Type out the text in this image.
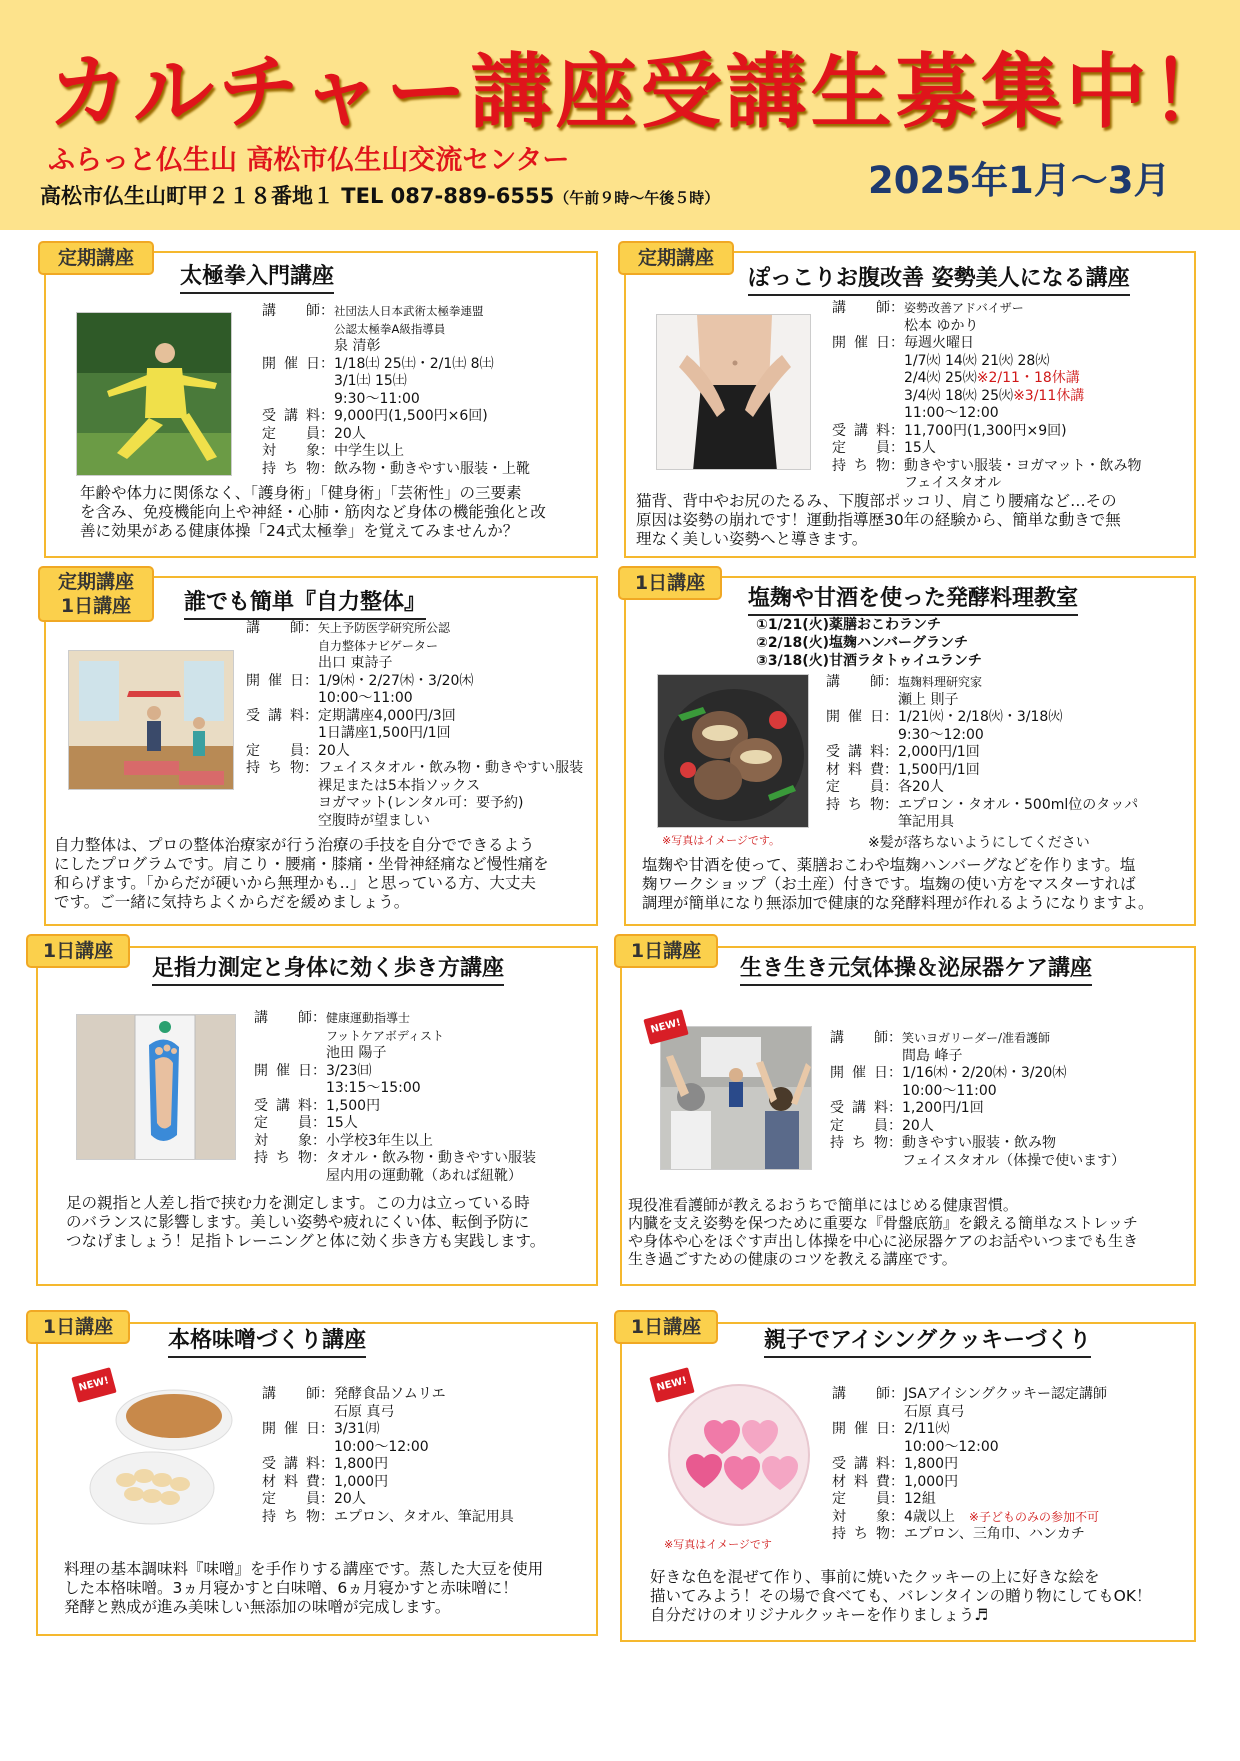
カルチャー講座受講生募集中！
ふらっと仏生山 高松市仏生山交流センター
高松市仏生山町甲２１８番地１ TEL 087-889-6555（午前９時～午後５時）	2025年1月～3月
定期講座
太極拳入門講座
講 師 ： 社団法人日本武術太極拳連盟
公認太極拳A級指導員
泉 清彰
開催日 ： 1/18㈯ 25㈯・2/1㈯ 8㈯
3/1㈯ 15㈯
9:30～11:00
受講料 ： 9,000円(1,500円×6回)
定 員 ： 20人
対 象 ： 中学生以上
持ち物 ： 飲み物・動きやすい服装・上靴
年齢や体力に関係なく、「護身術」「健身術」「芸術性」の三要素
を含み、免疫機能向上や神経・心肺・筋肉など身体の機能強化と改
善に効果がある健康体操「24式太極拳」を覚えてみませんか？
定期講座
ぽっこりお腹改善 姿勢美人になる講座
講 師 ： 姿勢改善アドバイザー
松本 ゆかり
開催日 ： 毎週火曜日
1/7㈫ 14㈫ 21㈫ 28㈫
2/4㈫ 25㈫※2/11・18休講
3/4㈫ 18㈫ 25㈫※3/11休講
11:00～12:00
受講料 ： 11,700円(1,300円×9回)
定 員 ： 15人
持ち物 ： 動きやすい服装・ヨガマット・飲み物
フェイスタオル
猫背、背中やお尻のたるみ、下腹部ポッコリ、肩こり腰痛など…その
原因は姿勢の崩れです！運動指導歴30年の経験から、簡単な動きで無
理なく美しい姿勢へと導きます。
定期講座
1日講座	誰でも簡単『自力整体』
講 師 ： 矢上予防医学研究所公認
自力整体ナビゲーター
出口 東詩子
開催日 ： 1/9㈭・2/27㈭・3/20㈭
10:00～11:00
受講料 ： 定期講座4,000円/3回
1日講座1,500円/1回
定 員 ： 20人
持ち物 ： フェイスタオル・飲み物・動きやすい服装
裸足または5本指ソックス
ヨガマット(レンタル可：要予約)
空腹時が望ましい
自力整体は、プロの整体治療家が行う治療の手技を自分でできるよう
にしたプログラムです。肩こり・腰痛・膝痛・坐骨神経痛など慢性痛を
和らげます。「からだが硬いから無理かも‥」と思っている方、大丈夫
です。ご一緒に気持ちよくからだを緩めましょう。
1日講座
塩麹や甘酒を使った発酵料理教室
①1/21(火)薬膳おこわランチ
②2/18(火)塩麹ハンバーグランチ
③3/18(火)甘酒ラタトゥイユランチ
※写真はイメージです。
講 師 ： 塩麹料理研究家
瀬上 則子
開催日 ： 1/21㈫・2/18㈫・3/18㈫
9:30～12:00
受講料 ： 2,000円/1回
材料費 ： 1,500円/1回
定 員 ： 各20人
持ち物 ： エプロン・タオル・500ml位のタッパ
筆記用具
※髪が落ちないようにしてください
塩麹や甘酒を使って、薬膳おこわや塩麹ハンバーグなどを作ります。塩
麹ワークショップ（お土産）付きです。塩麹の使い方をマスターすれば
調理が簡単になり無添加で健康的な発酵料理が作れるようになりますよ。
1日講座
足指力測定と身体に効く歩き方講座
講 師 ： 健康運動指導士
フットケアボディスト
池田 陽子
開催日 ： 3/23㈰
13:15～15:00
受講料 ： 1,500円
定 員 ： 15人
対 象 ： 小学校3年生以上
持ち物 ： タオル・飲み物・動きやすい服装
屋内用の運動靴（あれば紐靴）
足の親指と人差し指で挟む力を測定します。この力は立っている時
のバランスに影響します。美しい姿勢や疲れにくい体、転倒予防に
つなげましょう！足指トレーニングと体に効く歩き方も実践します。
1日講座
生き生き元気体操＆泌尿器ケア講座
NEW!
講 師 ： 笑いヨガリーダー/准看護師
間島 峰子
開催日 ： 1/16㈭・2/20㈭・3/20㈭
10:00～11:00
受講料 ： 1,200円/1回
定 員 ： 20人
持ち物 ： 動きやすい服装・飲み物
フェイスタオル（体操で使います）
現役准看護師が教えるおうちで簡単にはじめる健康習慣。
内臓を支え姿勢を保つために重要な『骨盤底筋』を鍛える簡単なストレッチ
や身体や心をほぐす声出し体操を中心に泌尿器ケアのお話やいつまでも生き
生き過ごすための健康のコツを教える講座です。
1日講座
本格味噌づくり講座
NEW!
講 師 ： 発酵食品ソムリエ
石原 真弓
開催日 ： 3/31㈪
10:00～12:00
受講料 ： 1,800円
材料費 ： 1,000円
定 員 ： 20人
持ち物 ： エプロン、タオル、筆記用具
料理の基本調味料『味噌』を手作りする講座です。蒸した大豆を使用
した本格味噌。3ヵ月寝かすと白味噌、6ヵ月寝かすと赤味噌に！
発酵と熟成が進み美味しい無添加の味噌が完成します。
1日講座
親子でアイシングクッキーづくり
NEW!
※写真はイメージです
講 師 ： JSAアイシングクッキー認定講師
石原 真弓
開催日 ： 2/11㈫
10:00～12:00
受講料 ： 1,800円
材料費 ： 1,000円
定 員 ： 12組
対 象 ： 4歳以上 ※子どものみの参加不可
持ち物 ： エプロン、三角巾、ハンカチ
好きな色を混ぜて作り、事前に焼いたクッキーの上に好きな絵を
描いてみよう！その場で食べても、バレンタインの贈り物にしてもOK！
自分だけのオリジナルクッキーを作りましょう♬
